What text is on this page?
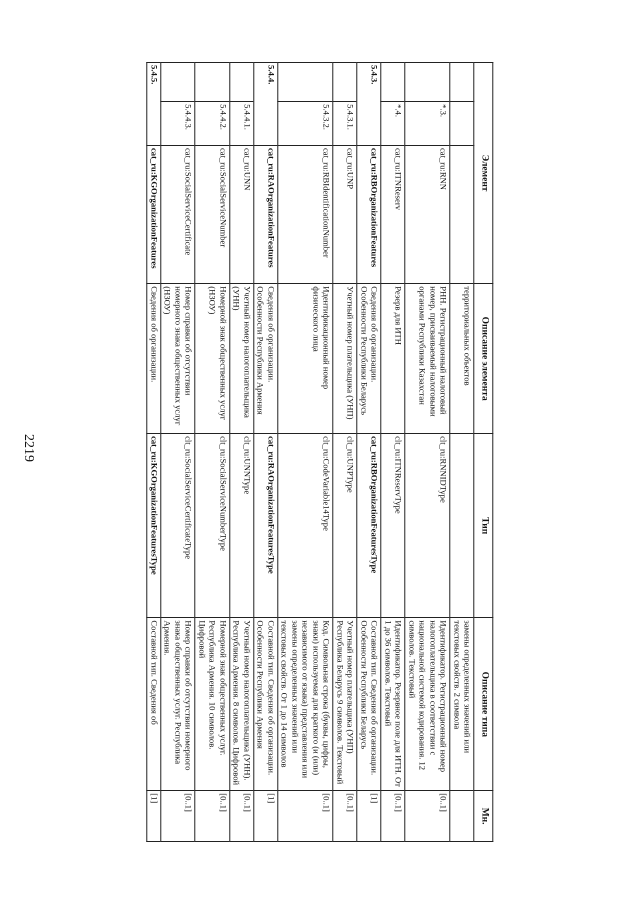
2219
Элемент			Описание элемента	Тип	Описание типа	Мн.
			территориальных объектов		замены определенных значений или текстовых свойств. 2 символа	
	*.3.	cat_ru:RNN	РНН. Регистрационный налоговый номер, присваиваемый налоговыми органами Республики Казахстан	clt_ru:RNNIDType	Идентификатор. Регистрационный номер налогоплательщика в соответствии с национальной системой кодирования. 12 символов. Текстовый	[0..1]
	*.4.	cat_ru:ITNReserv	Резерв для ИТН	clt_ru:ITNReservType	Идентификатор. Резервное поле для ИТН. От 1 до 36 символов. Текстовый	[0..1]
5.4.3.		cat_ru:RBOrganizationFeatures	Сведения об организации. Особенности Республики Беларусь	cat_ru:RBOrganizationFeaturesType	Составной тип. Сведения об организации. Особенности Республики Беларусь	[1]
	5.4.3.1.	cat_ru:UNP	Учетный номер плательщика (УНП)	clt_ru:UNPType	Учетный номер плательщика (УНП) Республика Беларусь 9 символов. Текстовый	[0..1]
	5.4.3.2.	cat_ru:RBIdentificationNumber	Идентификационный номер физического лица	clt_ru:CodeVariable14Type	Код. Символьная строка (буквы, цифры, знаки) используемая для краткого (и (или) независимого от языка) представления или замены определенных значений или текстовых свойств. От 1 до 14 символов	[0..1]
5.4.4.		cat_ru:RAOrganizationFeatures	Сведения об организации. Особенности Республики Армения	cat_ru:RAOrganizationFeaturesType	Составной тип. Сведения об организации. Особенности Республики Армения	[1]
	5.4.4.1.	cat_ru:UNN	Учетный номер налогоплательщика (УНН)	clt_ru:UNNType	Учетный номер налогоплательщика (УНН). Республика Армения. 8 символов. Цифровой	[0..1]
	5.4.4.2.	cat_ru:SocialServiceNumber	Номерной знак общественных услуг (НЗОУ)	clt_ru:SocialServiceNumberType	Номерной знак общественных услуг. Республика Армения. 10 символов. Цифровой	[0..1]
	5.4.4.3.	cat_ru:SocialServiceCertificate	Номер справки об отсутствии номерного знака общественных услуг (НЗОУ)	clt_ru:SocialServiceCertificateType	Номер справки об отсутствии номерного знака общественных услуг. Республика Армения.	[0..1]
5.4.5.		cat_ru:KGOrganizationFeatures	Сведения об организации.	cat_ru:KGOrganizationFeaturesType	Составной тип. Сведения об	[1]
